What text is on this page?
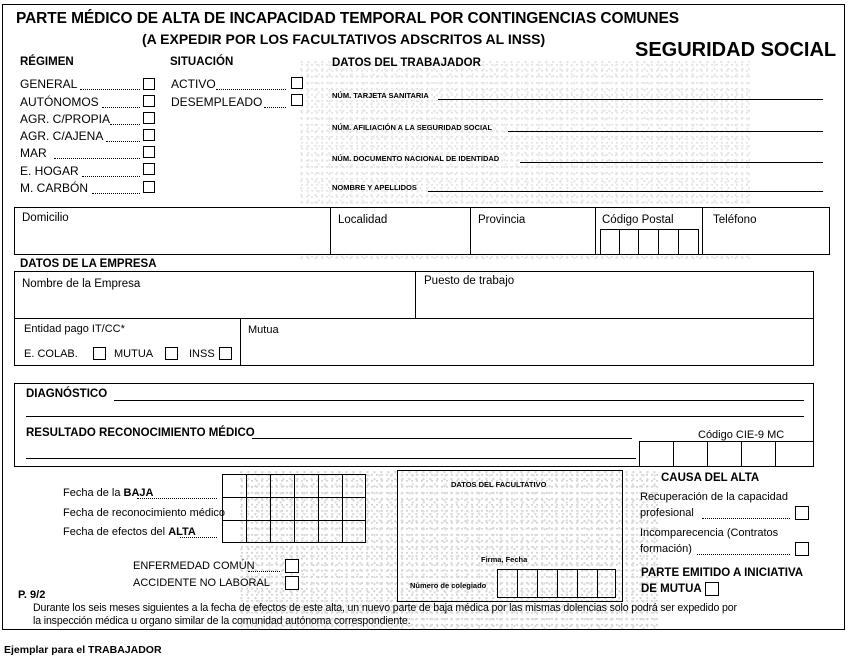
PARTE MÉDICO DE ALTA DE INCAPACIDAD TEMPORAL POR CONTINGENCIAS COMUNES
(A EXPEDIR POR LOS FACULTATIVOS ADSCRITOS AL INSS)	SEGURIDAD SOCIAL
RÉGIMEN
GENERAL
AUTÓNOMOS
AGR. C/PROPIA
AGR. C/AJENA
MAR
E. HOGAR
M. CARBÓN
SITUACIÓN
ACTIVO
DESEMPLEADO
DATOS DEL TRABAJADOR
NÚM. TARJETA SANITARIA
NÚM. AFILIACIÓN A LA SEGURIDAD SOCIAL
NÚM. DOCUMENTO NACIONAL DE IDENTIDAD
NOMBRE Y APELLIDOS
Domicilio	Localidad	Provincia	Código Postal	Teléfono
DATOS DE LA EMPRESA
Nombre de la Empresa	Puesto de trabajo
Entidad pago IT/CC*	Mutua
E. COLAB.	MUTUA	INSS
DIAGNÓSTICO
RESULTADO RECONOCIMIENTO MÉDICO	Código CIE-9 MC
Fecha de la BAJA
Fecha de reconocimiento médico
Fecha de efectos del ALTA
ENFERMEDAD COMÚN
ACCIDENTE NO LABORAL
DATOS DEL FACULTATIVO
Firma, Fecha
Número de colegiado
CAUSA DEL ALTA
Recuperación de la capacidad
profesional
Incomparecencia (Contratos
formación)
PARTE EMITIDO A INICIATIVA
DE MUTUA
P. 9/2
Durante los seis meses siguientes a la fecha de efectos de este alta, un nuevo parte de baja médica por las mismas dolencias solo podrá ser expedido por
la inspección médica u organo similar de la comunidad autónoma correspondiente.
Ejemplar para el TRABAJADOR
